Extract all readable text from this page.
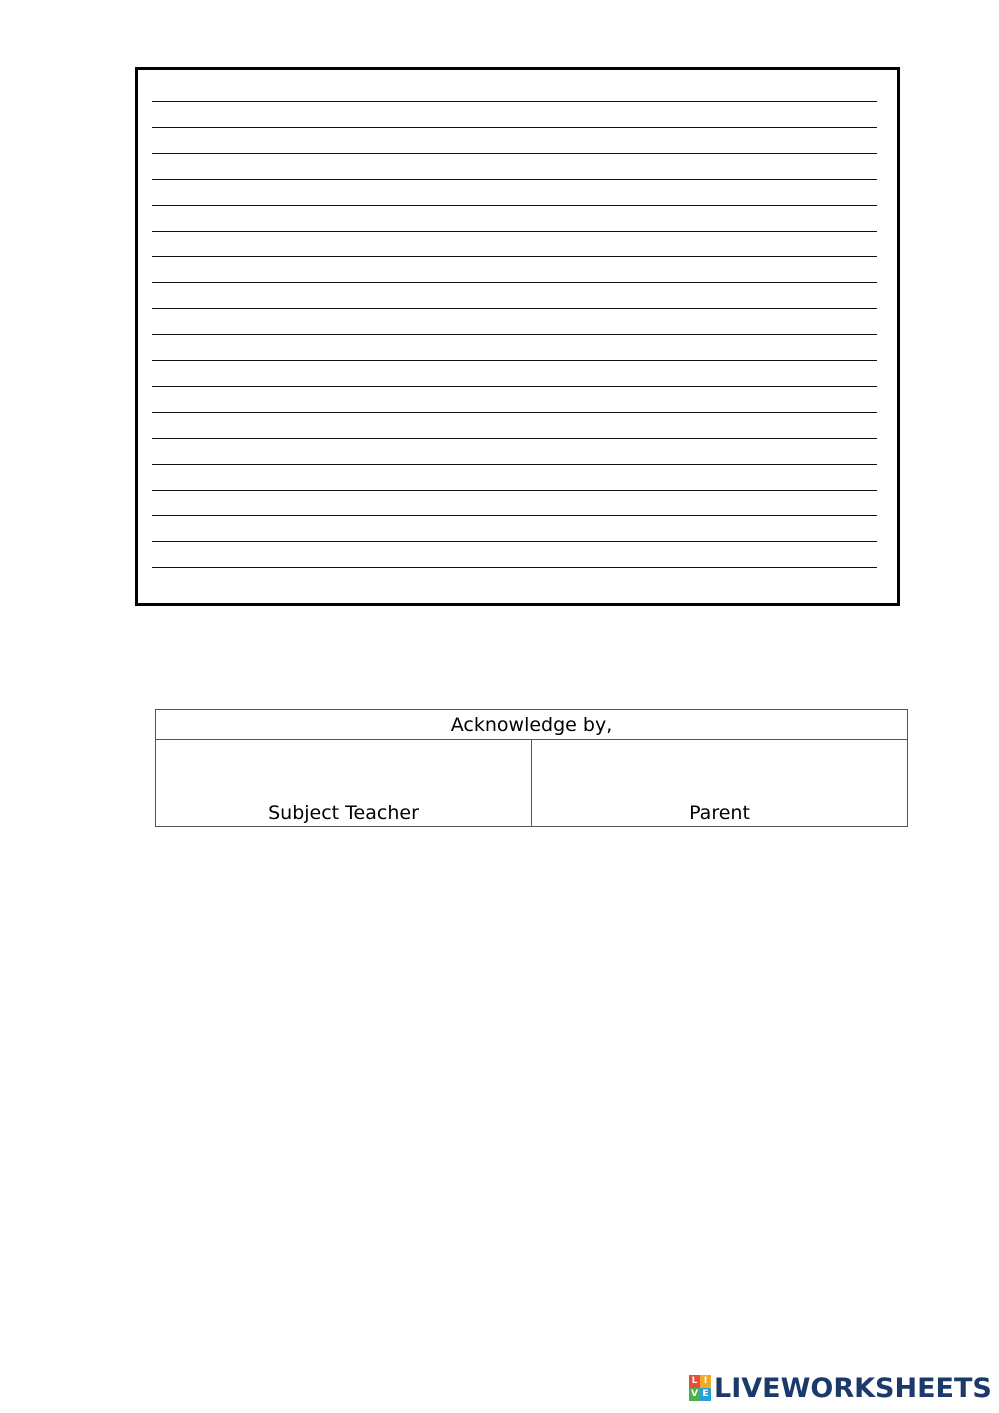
Acknowledge by,
Subject Teacher	Parent
L I
V E LIVEWORKSHEETS
